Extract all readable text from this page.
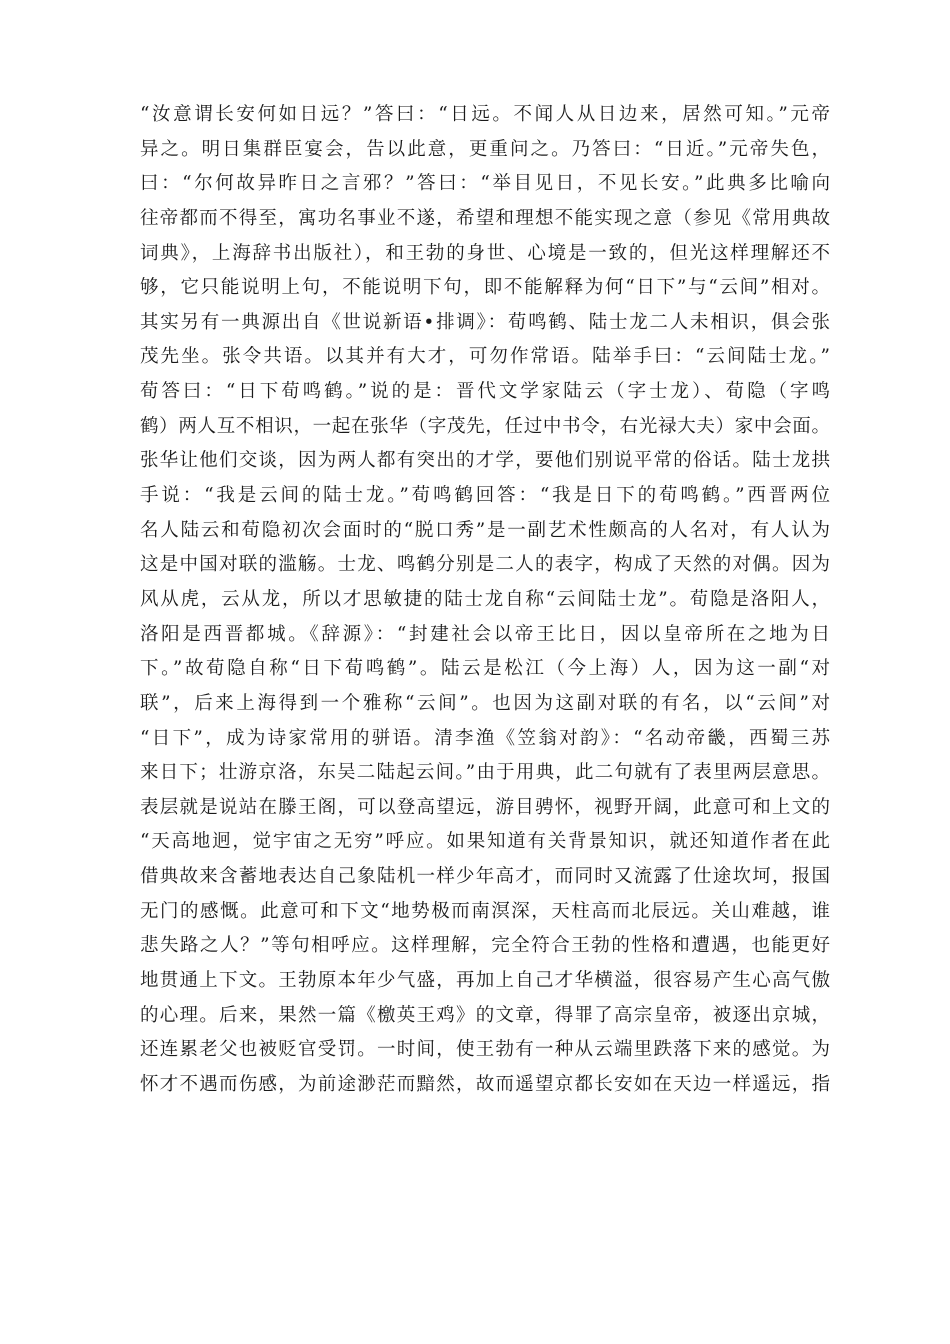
“汝意谓长安何如日远？”答曰：“日远。不闻人从日边来，居然可知。”元帝
异之。明日集群臣宴会，告以此意，更重问之。乃答曰：“日近。”元帝失色，
曰：“尔何故异昨日之言邪？”答曰：“举目见日，不见长安。”此典多比喻向
往帝都而不得至，寓功名事业不遂，希望和理想不能实现之意（参见《常用典故
词典》，上海辞书出版社），和王勃的身世、心境是一致的，但光这样理解还不
够，它只能说明上句，不能说明下句，即不能解释为何“日下”与“云间”相对。
其实另有一典源出自《世说新语•排调》：荀鸣鹤、陆士龙二人未相识，俱会张
茂先坐。张令共语。以其并有大才，可勿作常语。陆举手曰：“云间陆士龙。”
荀答曰：“日下荀鸣鹤。”说的是：晋代文学家陆云（字士龙）、荀隐（字鸣
鹤）两人互不相识，一起在张华（字茂先，任过中书令，右光禄大夫）家中会面。
张华让他们交谈，因为两人都有突出的才学，要他们别说平常的俗话。陆士龙拱
手说：“我是云间的陆士龙。”荀鸣鹤回答：“我是日下的荀鸣鹤。”西晋两位
名人陆云和荀隐初次会面时的“脱口秀”是一副艺术性颇高的人名对，有人认为
这是中国对联的滥觞。士龙、鸣鹤分别是二人的表字，构成了天然的对偶。因为
风从虎，云从龙，所以才思敏捷的陆士龙自称“云间陆士龙”。荀隐是洛阳人，
洛阳是西晋都城。《辞源》：“封建社会以帝王比日，因以皇帝所在之地为日
下。”故荀隐自称“日下荀鸣鹤”。陆云是松江（今上海）人，因为这一副“对
联”，后来上海得到一个雅称“云间”。也因为这副对联的有名，以“云间”对
“日下”，成为诗家常用的骈语。清李渔《笠翁对韵》：“名动帝畿，西蜀三苏
来日下；壮游京洛，东吴二陆起云间。”由于用典，此二句就有了表里两层意思。
表层就是说站在滕王阁，可以登高望远，游目骋怀，视野开阔，此意可和上文的
“天高地迥，觉宇宙之无穷”呼应。如果知道有关背景知识，就还知道作者在此
借典故来含蓄地表达自己象陆机一样少年高才，而同时又流露了仕途坎坷，报国
无门的感慨。此意可和下文“地势极而南溟深，天柱高而北辰远。关山难越，谁
悲失路之人？”等句相呼应。这样理解，完全符合王勃的性格和遭遇，也能更好
地贯通上下文。王勃原本年少气盛，再加上自己才华横溢，很容易产生心高气傲
的心理。后来，果然一篇《檄英王鸡》的文章，得罪了高宗皇帝，被逐出京城，
还连累老父也被贬官受罚。一时间，使王勃有一种从云端里跌落下来的感觉。为
怀才不遇而伤感，为前途渺茫而黯然，故而遥望京都长安如在天边一样遥远，指
